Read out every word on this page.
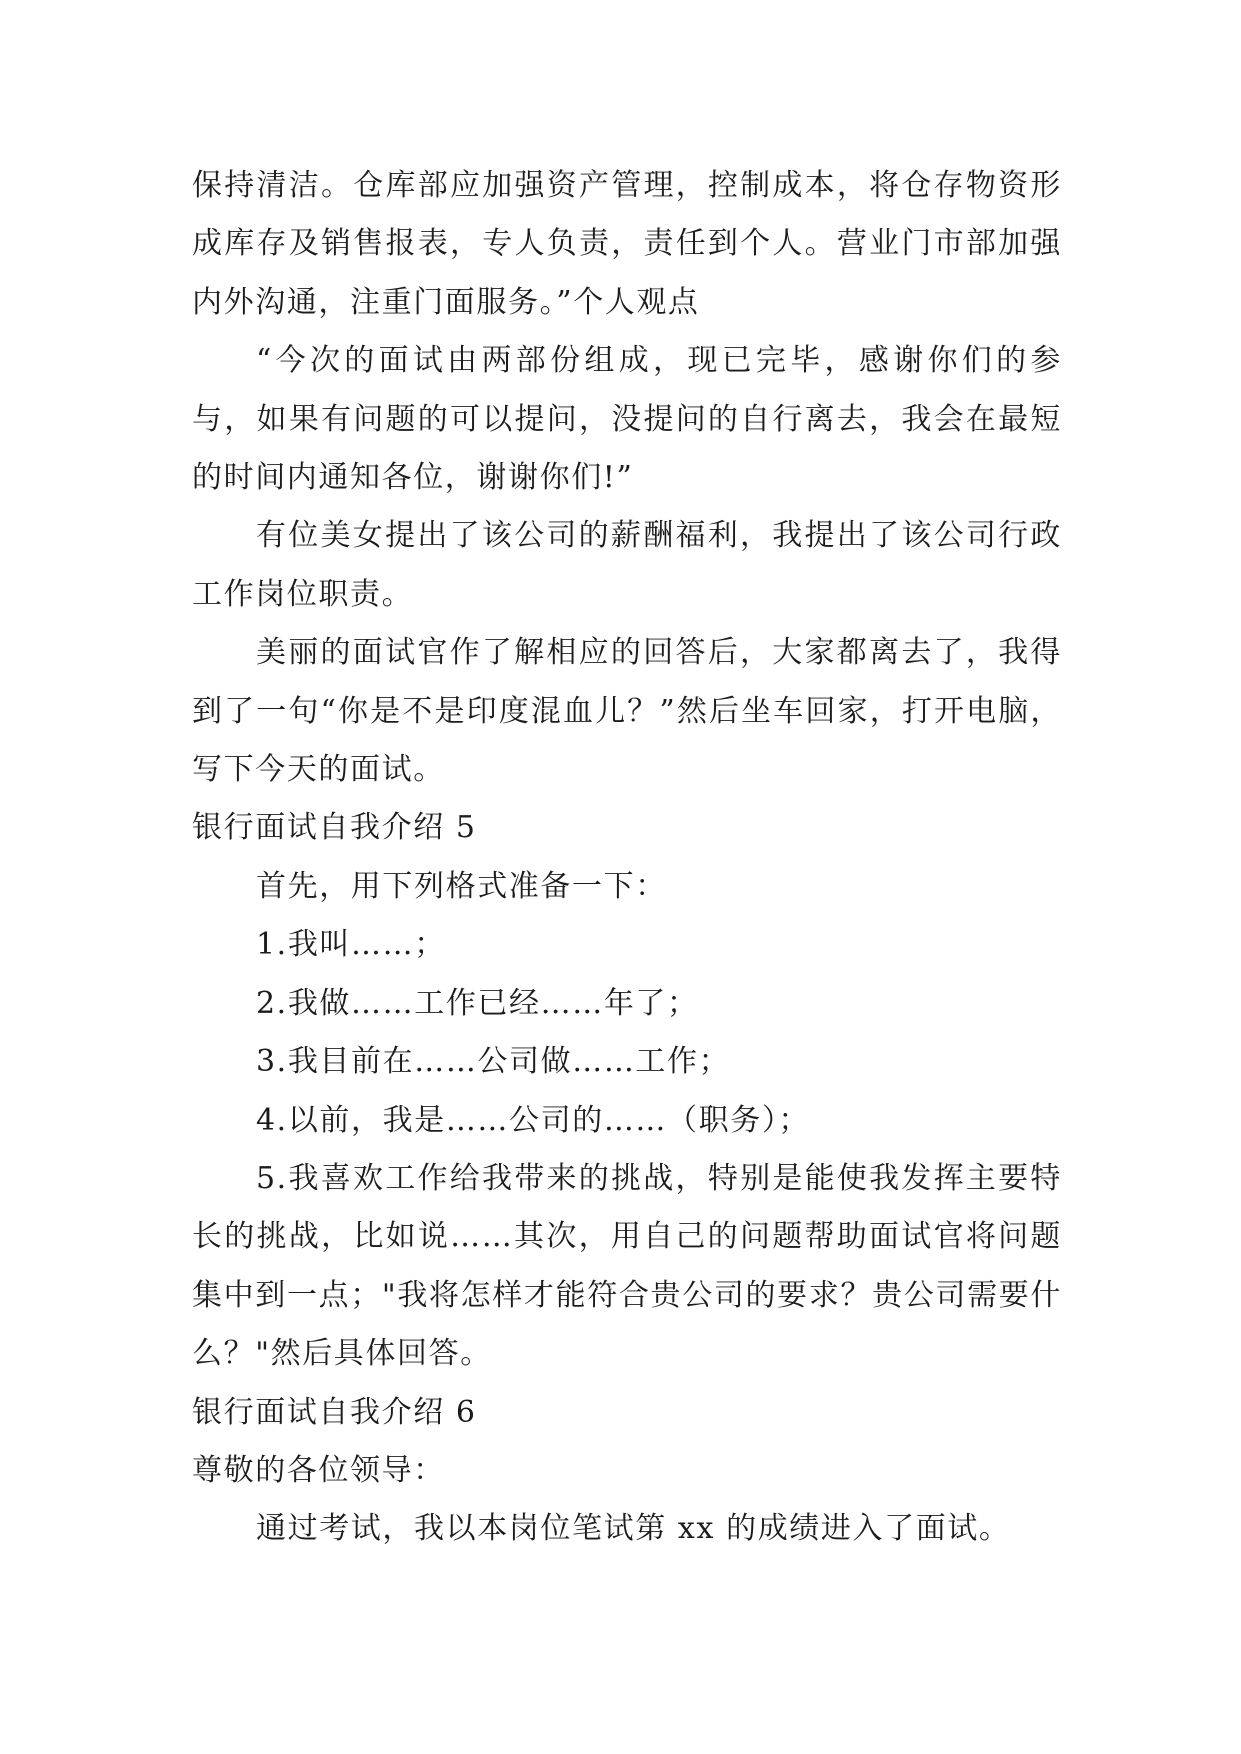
保持清洁。仓库部应加强资产管理，控制成本，将仓存物资形成库存及销售报表，专人负责，责任到个人。营业门市部加强内外沟通，注重门面服务。”个人观点

“今次的面试由两部份组成，现已完毕，感谢你们的参与，如果有问题的可以提问，没提问的自行离去，我会在最短的时间内通知各位，谢谢你们!”

有位美女提出了该公司的薪酬福利，我提出了该公司行政工作岗位职责。

美丽的面试官作了解相应的回答后，大家都离去了，我得到了一句“你是不是印度混血儿？”然后坐车回家，打开电脑，写下今天的面试。

银行面试自我介绍 5

首先，用下列格式准备一下：

1.我叫……；

2.我做……工作已经……年了；

3.我目前在……公司做……工作；

4.以前，我是……公司的……（职务）；

5.我喜欢工作给我带来的挑战，特别是能使我发挥主要特长的挑战，比如说……其次，用自己的问题帮助面试官将问题集中到一点；"我将怎样才能符合贵公司的要求？贵公司需要什么？"然后具体回答。

银行面试自我介绍 6

尊敬的各位领导：

通过考试，我以本岗位笔试第 xx 的成绩进入了面试。
